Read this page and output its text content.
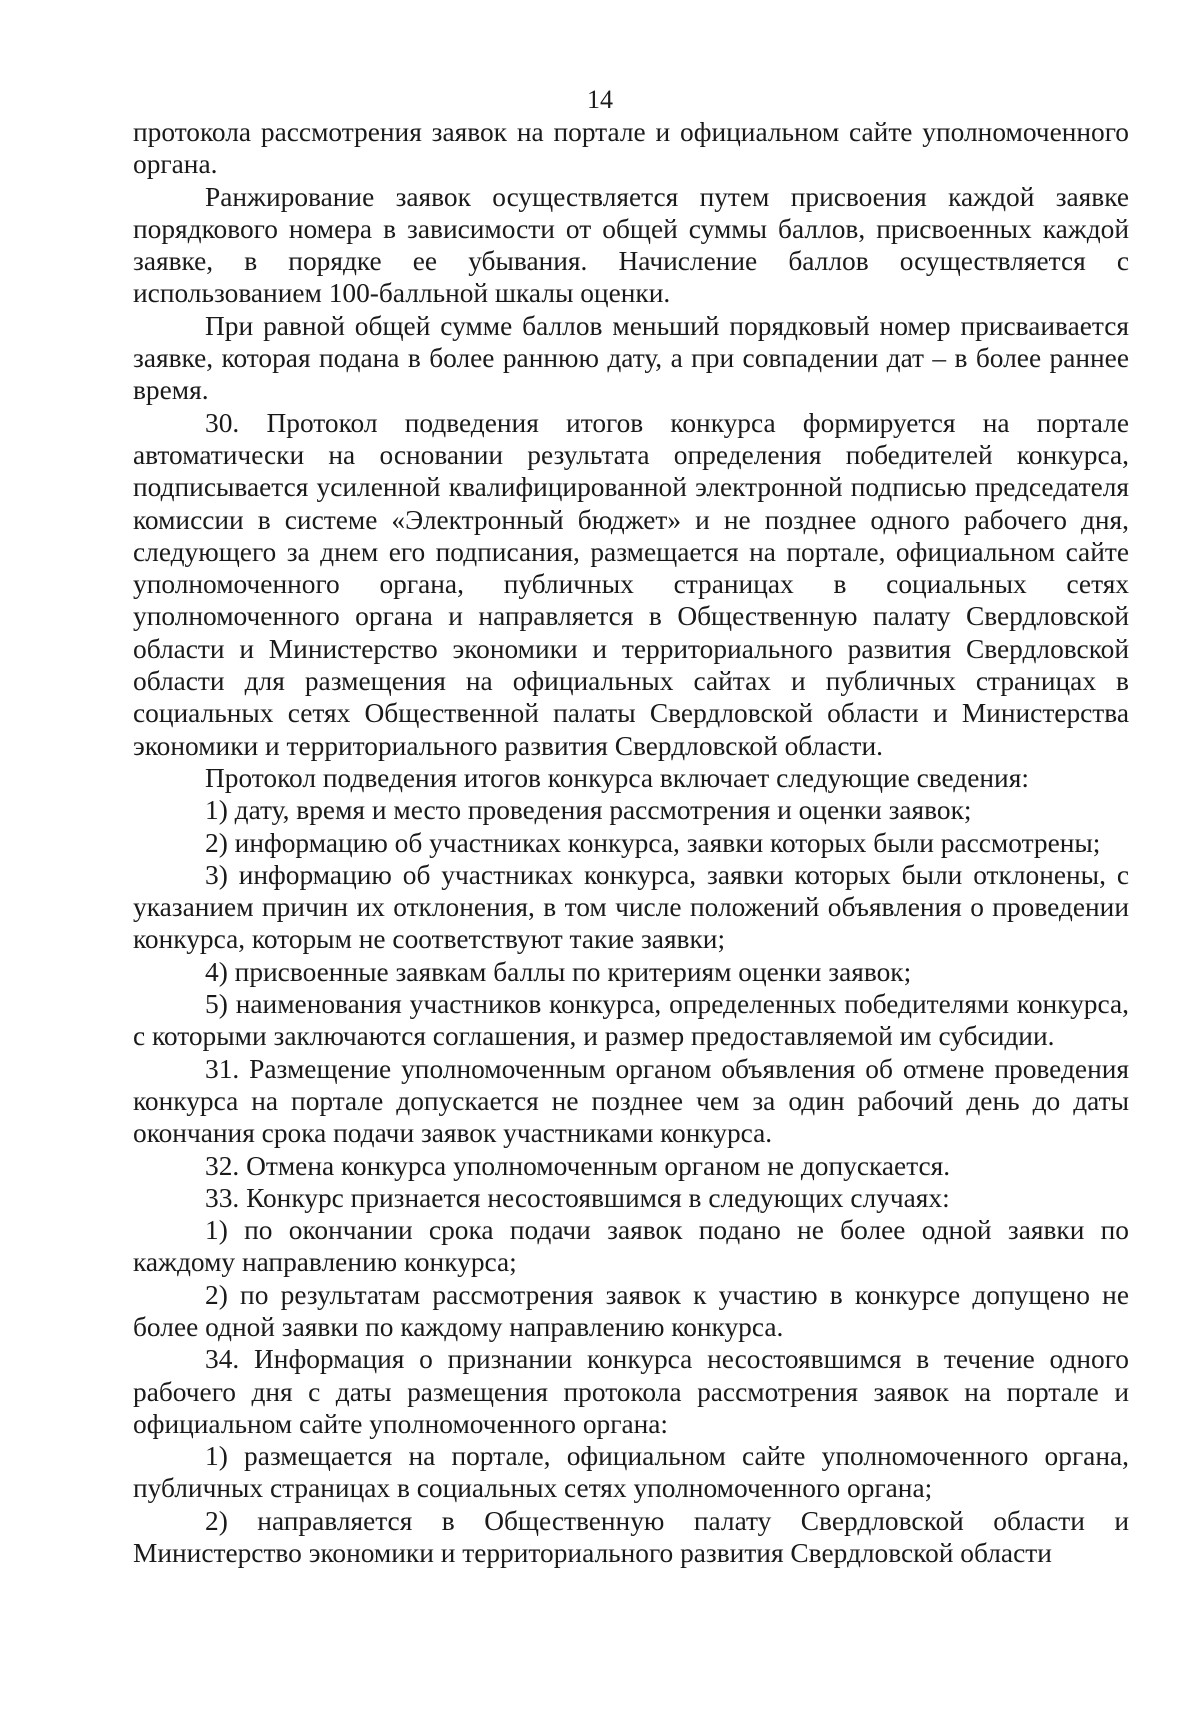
14

протокола рассмотрения заявок на портале и официальном сайте уполномоченного органа.

Ранжирование заявок осуществляется путем присвоения каждой заявке порядкового номера в зависимости от общей суммы баллов, присвоенных каждой заявке, в порядке ее убывания. Начисление баллов осуществляется с использованием 100-балльной шкалы оценки.

При равной общей сумме баллов меньший порядковый номер присваивается заявке, которая подана в более раннюю дату, а при совпадении дат – в более раннее время.

30. Протокол подведения итогов конкурса формируется на портале автоматически на основании результата определения победителей конкурса, подписывается усиленной квалифицированной электронной подписью председателя комиссии в системе «Электронный бюджет» и не позднее одного рабочего дня, следующего за днем его подписания, размещается на портале, официальном сайте уполномоченного органа, публичных страницах в социальных сетях уполномоченного органа и направляется в Общественную палату Свердловской области и Министерство экономики и территориального развития Свердловской области для размещения на официальных сайтах и публичных страницах в социальных сетях Общественной палаты Свердловской области и Министерства экономики и территориального развития Свердловской области.

Протокол подведения итогов конкурса включает следующие сведения:

1) дату, время и место проведения рассмотрения и оценки заявок;

2) информацию об участниках конкурса, заявки которых были рассмотрены;

3) информацию об участниках конкурса, заявки которых были отклонены, с указанием причин их отклонения, в том числе положений объявления о проведении конкурса, которым не соответствуют такие заявки;

4) присвоенные заявкам баллы по критериям оценки заявок;

5) наименования участников конкурса, определенных победителями конкурса, с которыми заключаются соглашения, и размер предоставляемой им субсидии.

31. Размещение уполномоченным органом объявления об отмене проведения конкурса на портале допускается не позднее чем за один рабочий день до даты окончания срока подачи заявок участниками конкурса.

32. Отмена конкурса уполномоченным органом не допускается.

33. Конкурс признается несостоявшимся в следующих случаях:

1) по окончании срока подачи заявок подано не более одной заявки по каждому направлению конкурса;

2) по результатам рассмотрения заявок к участию в конкурсе допущено не более одной заявки по каждому направлению конкурса.

34. Информация о признании конкурса несостоявшимся в течение одного рабочего дня с даты размещения протокола рассмотрения заявок на портале и официальном сайте уполномоченного органа:

1) размещается на портале, официальном сайте уполномоченного органа, публичных страницах в социальных сетях уполномоченного органа;

2) направляется в Общественную палату Свердловской области и Министерство экономики и территориального развития Свердловской области
